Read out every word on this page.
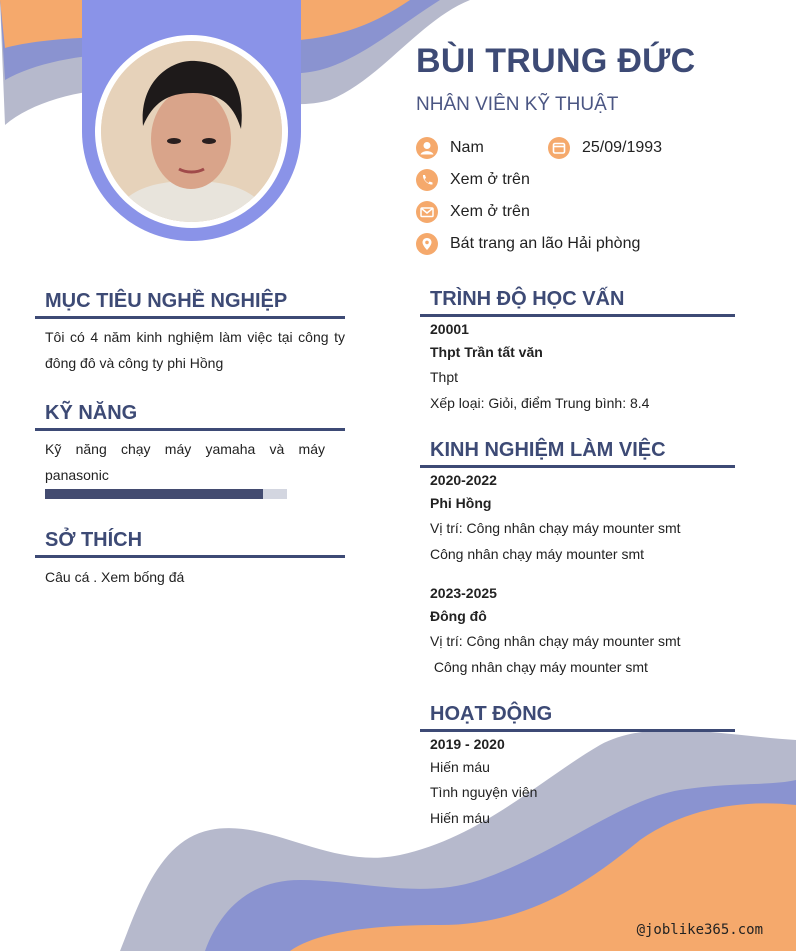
BÙI TRUNG ĐỨC
NHÂN VIÊN KỸ THUẬT
Nam	25/09/1993
Xem ở trên
Xem ở trên
Bát trang an lão Hải phòng
MỤC TIÊU NGHỀ NGHIỆP
Tôi có 4 năm kinh nghiệm làm việc tại công ty đông đô và công ty phi Hồng
KỸ NĂNG
Kỹ năng chạy máy yamaha và máy panasonic
SỞ THÍCH
Câu cá . Xem bống đá
TRÌNH ĐỘ HỌC VẤN
20001
Thpt Trần tất văn
Thpt
Xếp loại: Giỏi, điểm Trung bình: 8.4
KINH NGHIỆM LÀM VIỆC
2020-2022
Phi Hồng
Vị trí: Công nhân chạy máy mounter smt
Công nhân chạy máy mounter smt
2023-2025
Đông đô
Vị trí: Công nhân chạy máy mounter smt
Công nhân chạy máy mounter smt
HOẠT ĐỘNG
2019 - 2020
Hiến máu
Tình nguyện viên
Hiến máu
@joblike365.com
